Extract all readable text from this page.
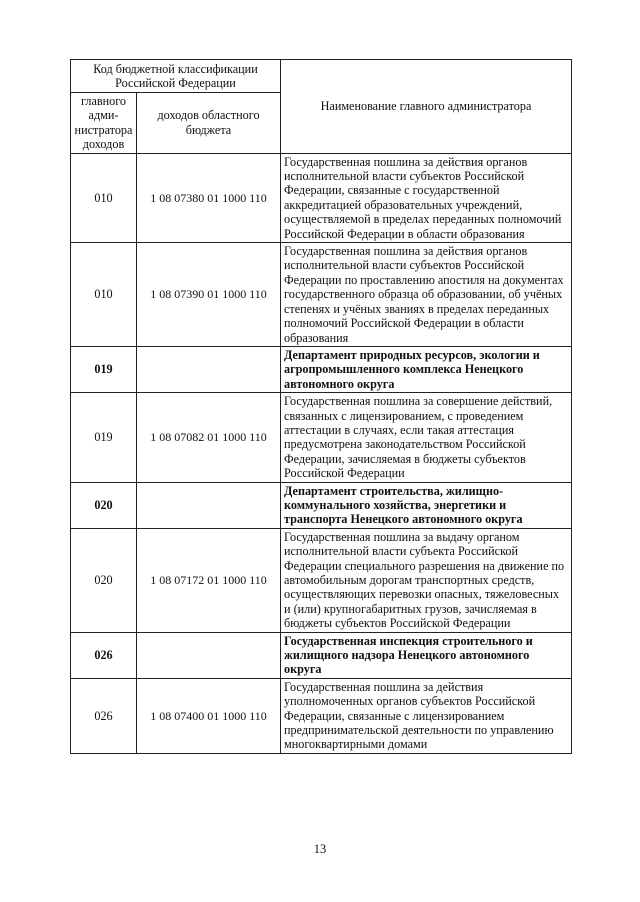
Код бюджетной классификации Российской Федерации		Наименование главного администратора
главного адми-нистратора доходов	доходов областного бюджета	
010	1 08 07380 01 1000 110	Государственная пошлина за действия органов исполнительной власти субъектов Российской Федерации, связанные с государственной аккредитацией образовательных учреждений, осуществляемой в пределах переданных полномочий Российской Федерации в области образования
010	1 08 07390 01 1000 110	Государственная пошлина за действия органов исполнительной власти субъектов Российской Федерации по проставлению апостиля на документах государственного образца об образовании, об учёных степенях и учёных званиях в пределах переданных полномочий Российской Федерации в области образования
019		Департамент природных ресурсов, экологии и агропромышленного комплекса Ненецкого автономного округа
019	1 08 07082 01 1000 110	Государственная пошлина за совершение действий, связанных с лицензированием, с проведением аттестации в случаях, если такая аттестация предусмотрена законодательством Российской Федерации, зачисляемая в бюджеты субъектов Российской Федерации
020		Департамент строительства, жилищно-коммунального хозяйства, энергетики и транспорта Ненецкого автономного округа
020	1 08 07172 01 1000 110	Государственная пошлина за выдачу органом исполнительной власти субъекта Российской Федерации специального разрешения на движение по автомобильным дорогам транспортных средств, осуществляющих перевозки опасных, тяжеловесных и (или) крупногабаритных грузов, зачисляемая в бюджеты субъектов Российской Федерации
026		Государственная инспекция строительного и жилищного надзора Ненецкого автономного округа
026	1 08 07400 01 1000 110	Государственная пошлина за действия уполномоченных органов субъектов Российской Федерации, связанные с лицензированием предпринимательской деятельности по управлению многоквартирными домами
13
